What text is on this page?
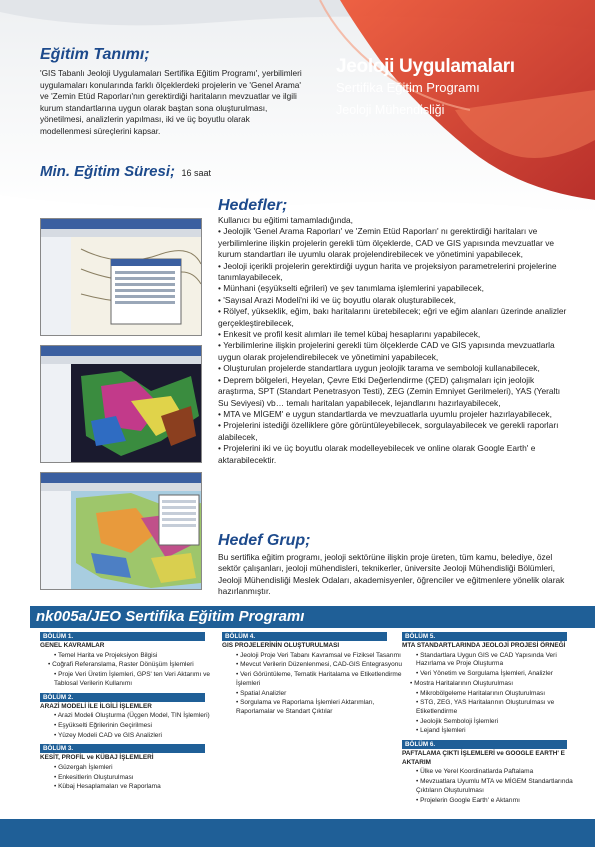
Jeoloji Uygulamaları
Sertifika Eğitim Programı
Jeoloji Mühendisliği
Eğitim Tanımı;
'GIS Tabanlı Jeoloji Uygulamaları Sertifika Eğitim Programı', yerbilimleri uygulamaları konularında farklı ölçeklerdeki projelerin ve 'Genel Arama' ve 'Zemin Etüd Raporları'nın gerektirdiği haritaların mevzuatlar ve ilgili kurum standartlarına uygun olarak baştan sona oluşturulması, yönetilmesi, analizlerin yapılması, iki ve üç boyutlu olarak modellenmesi süreçlerini kapsar.
Min. Eğitim Süresi; 16 saat
Hedefler;

Kullanıcı bu eğitimi tamamladığında,

• Jeolojik 'Genel Arama Raporları' ve 'Zemin Etüd Raporları' nı gerektirdiği haritaları ve yerbilimlerine ilişkin projelerin gerekli tüm ölçeklerde, CAD ve GIS yapısında mevzuatlar ve kurum standartları ile uyumlu olarak projelendirebilecek ve yönetimini yapabilecek,

• Jeoloji içerikli projelerin gerektirdiği uygun harita ve projeksiyon parametrelerini projelerine tanımlayabilecek,

• Münhani (eşyükselti eğrileri) ve şev tanımlama işlemlerini yapabilecek,

• 'Sayısal Arazi Modeli'ni iki ve üç boyutlu olarak oluşturabilecek,

• Rölyef, yükseklik, eğim, bakı haritalarını üretebilecek; eğri ve eğim alanları üzerinde analizler gerçekleştirebilecek,

• Enkesit ve profil kesit alımları ile temel kübaj hesaplarını yapabilecek,

• Yerbilimlerine ilişkin projelerini gerekli tüm ölçeklerde CAD ve GIS yapısında mevzuatlarla uygun olarak projelendirebilecek ve yönetimini yapabilecek,

• Oluşturulan projelerde standartlara uygun jeolojik tarama ve semboloji kullanabilecek,

• Deprem bölgeleri, Heyelan, Çevre Etki Değerlendirme (ÇED) çalışmaları için jeolojik araştırma, SPT (Standart Penetrasyon Testi), ZEG (Zemin Emniyet Gerilmeleri), YAS (Yeraltı Su Seviyesi) vb… temalı haritalan yapabilecek, lejandlarını hazırlayabilecek,

• MTA ve MİGEM' e uygun standartlarda ve mevzuatlarla uyumlu projeler hazırlayabilecek,

• Projelerini istediği özelliklere göre görüntüleyebilecek, sorgulayabilecek ve gerekli raporları alabilecek,

• Projelerini iki ve üç boyutlu olarak modelleyebilecek ve online olarak Google Earth' e aktarabilecektir.

Hedef Grup;
Bu sertifika eğitim programı, jeoloji sektörüne ilişkin proje üreten, tüm kamu, belediye, özel sektör çalışanları, jeoloji mühendisleri, teknikerler, üniversite Jeoloji Mühendisliği Bölümleri, Jeoloji Mühendisliği Meslek Odaları, akademisyenler, öğrenciler ve eğitmenlere yönelik olarak hazırlanmıştır.
nk005a/JEO Sertifika Eğitim Programı
BÖLÜM 1.
GENEL KAVRAMLAR
• Temel Harita ve Projeksiyon Bilgisi
• Coğrafi Referanslama, Raster Dönüşüm İşlemleri
• Proje Veri Üretim İşlemleri, GPS' ten Veri Aktarımı ve Tablosal Verilerin Kullanımı
BÖLÜM 2.
ARAZİ MODELİ İLE İLGİLİ İŞLEMLER
• Arazi Modeli Oluşturma (Üçgen Model, TIN İşlemleri)
• Eşyükselti Eğrilerinin Geçirilmesi
• Yüzey Modeli CAD ve GIS Analizleri
BÖLÜM 3.
KESİT, PROFİL ve KÜBAJ İŞLEMLERİ
• Güzergah İşlemleri
• Enkesitlerin Oluşturulması
• Kübaj Hesaplamaları ve Raporlama
BÖLÜM 4.
GIS PROJELERİNİN OLUŞTURULMASI
• Jeoloji Proje Veri Tabanı Kavramsal ve Fiziksel Tasarımı
• Mevcut Verilerin Düzenlenmesi, CAD-GIS Entegrasyonu
• Veri Görüntüleme, Tematik Haritalama ve Etiketlendirme İşlemleri
• Spatial Analizler
• Sorgulama ve Raporlama İşlemleri Aktarımları, Raporlamalar ve Standart Çıktılar
BÖLÜM 5.
MTA STANDARTLARINDA JEOLOJİ PROJESİ ÖRNEĞİ
• Standartlara Uygun GIS ve CAD Yapısında Veri Hazırlama ve Proje Oluşturma
• Veri Yönetim ve Sorgulama İşlemleri, Analizler
• Mostra Haritalarının Oluşturulması
• Mikrobölgeleme Haritalarının Oluşturulması
• STG, ZEG, YAS Haritalarının Oluşturulması ve Etiketlendirme
• Jeolojik Semboloji İşlemleri
• Lejand İşlemleri
BÖLÜM 6.
PAFTALAMA ÇIKTI İŞLEMLERİ ve GOOGLE EARTH' E AKTARIM
• Ülke ve Yerel Koordinatlarda Paftalama
• Mevzuatlara Uyumlu MTA ve MİGEM Standartlarında Çıktıların Oluşturulması
• Projelerin Google Earth' e Aktarımı
